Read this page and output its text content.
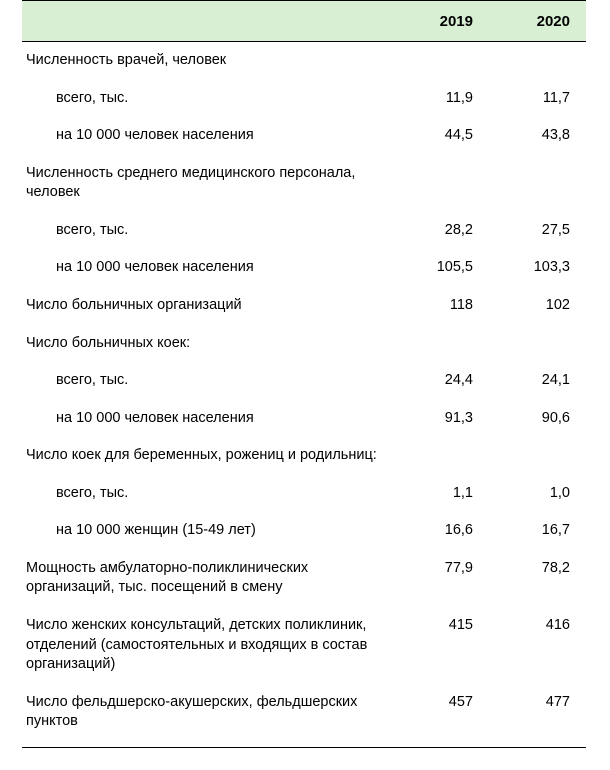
	2019	2020
Численность врачей, человек		
всего, тыс.	11,9	11,7
на 10 000 человек населения	44,5	43,8
Численность среднего медицинского персонала, человек		
всего, тыс.	28,2	27,5
на 10 000 человек населения	105,5	103,3
Число больничных организаций	118	102
Число больничных коек:		
всего, тыс.	24,4	24,1
на 10 000 человек населения	91,3	90,6
Число коек для беременных, рожениц и родильниц:		
всего, тыс.	1,1	1,0
на 10 000 женщин (15-49 лет)	16,6	16,7
Мощность амбулаторно-поликлинических организаций, тыс. посещений в смену	77,9	78,2
Число женских консультаций, детских поликлиник, отделений (самостоятельных и входящих в состав организаций)	415	416
Число фельдшерско-акушерских, фельдшерских пунктов	457	477
